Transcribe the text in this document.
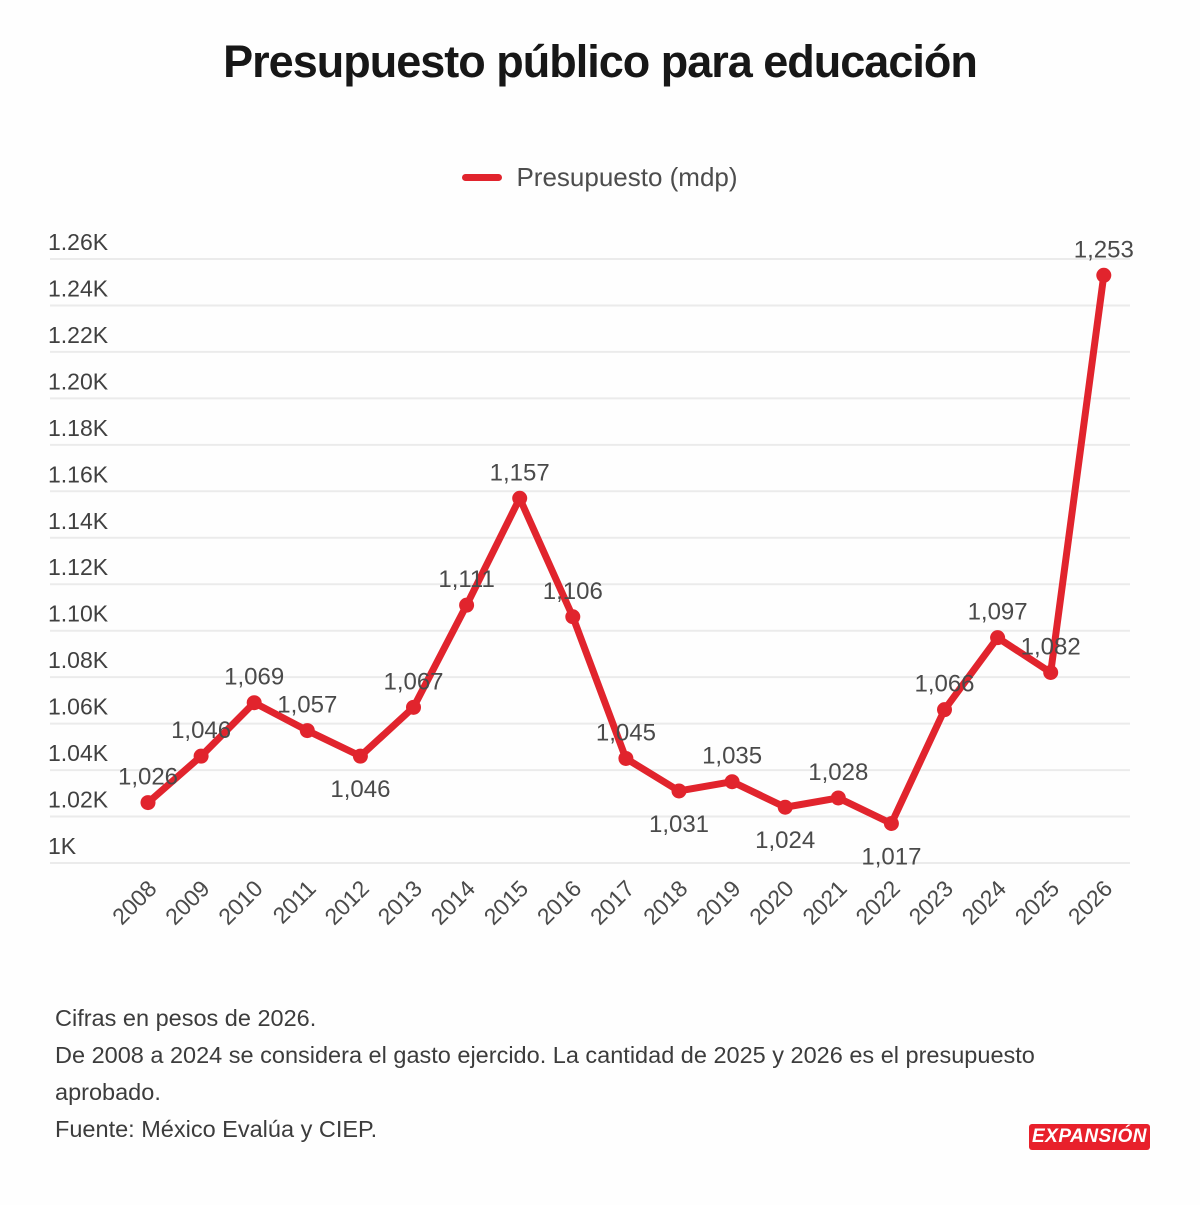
Presupuesto público para educación
Presupuesto (mdp)
1K
1.02K
1.04K
1.06K
1.08K
1.10K
1.12K
1.14K
1.16K
1.18K
1.20K
1.22K
1.24K
1.26K
1,026
1,046
1,069
1,057
1,046
1,067
1,111
1,157
1,106
1,045
1,031
1,035
1,024
1,028
1,017
1,066
1,097
1,082
1,253
2008
2009
2010 2011
2012
2013
2014
2015
2016
2017
2018
2019
2020
2021
2022
2023
2024
2025
2026
Cifras en pesos de 2026.
De 2008 a 2024 se considera el gasto ejercido. La cantidad de 2025 y 2026 es el presupuesto
aprobado.
Fuente: México Evalúa y CIEP.	EXPANSIÓN
